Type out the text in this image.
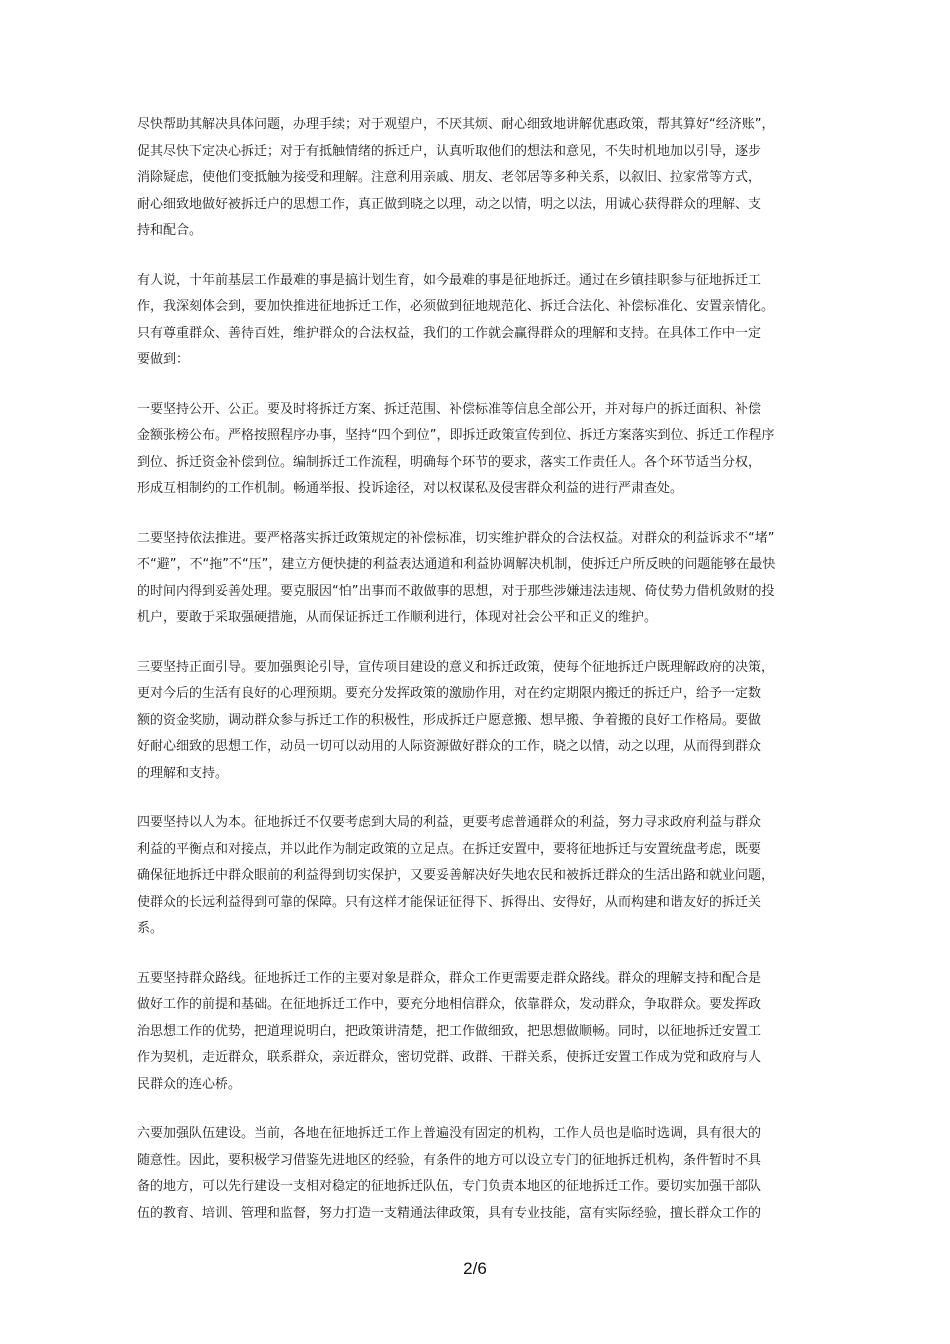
尽快帮助其解决具体问题，办理手续；对于观望户，不厌其烦、耐心细致地讲解优惠政策，帮其算好“经济账”，
促其尽快下定决心拆迁；对于有抵触情绪的拆迁户，认真听取他们的想法和意见，不失时机地加以引导，逐步
消除疑虑，使他们变抵触为接受和理解。注意利用亲戚、朋友、老邻居等多种关系，以叙旧、拉家常等方式，
耐心细致地做好被拆迁户的思想工作，真正做到晓之以理，动之以情，明之以法，用诚心获得群众的理解、支
持和配合。

有人说，十年前基层工作最难的事是搞计划生育，如今最难的事是征地拆迁。通过在乡镇挂职参与征地拆迁工
作，我深刻体会到，要加快推进征地拆迁工作，必须做到征地规范化、拆迁合法化、补偿标准化、安置亲情化。
只有尊重群众、善待百姓，维护群众的合法权益，我们的工作就会赢得群众的理解和支持。在具体工作中一定
要做到：

一要坚持公开、公正。要及时将拆迁方案、拆迁范围、补偿标准等信息全部公开，并对每户的拆迁面积、补偿
金额张榜公布。严格按照程序办事，坚持“四个到位”，即拆迁政策宣传到位、拆迁方案落实到位、拆迁工作程序
到位、拆迁资金补偿到位。编制拆迁工作流程，明确每个环节的要求，落实工作责任人。各个环节适当分权，
形成互相制约的工作机制。畅通举报、投诉途径，对以权谋私及侵害群众利益的进行严肃查处。

二要坚持依法推进。要严格落实拆迁政策规定的补偿标准，切实维护群众的合法权益。对群众的利益诉求不“堵”
不“避”，不“拖”不“压”，建立方便快捷的利益表达通道和利益协调解决机制，使拆迁户所反映的问题能够在最快
的时间内得到妥善处理。要克服因“怕”出事而不敢做事的思想，对于那些涉嫌违法违规、倚仗势力借机敛财的投
机户，要敢于采取强硬措施，从而保证拆迁工作顺利进行，体现对社会公平和正义的维护。

三要坚持正面引导。要加强舆论引导，宣传项目建设的意义和拆迁政策，使每个征地拆迁户既理解政府的决策，
更对今后的生活有良好的心理预期。要充分发挥政策的激励作用，对在约定期限内搬迁的拆迁户，给予一定数
额的资金奖励，调动群众参与拆迁工作的积极性，形成拆迁户愿意搬、想早搬、争着搬的良好工作格局。要做
好耐心细致的思想工作，动员一切可以动用的人际资源做好群众的工作，晓之以情，动之以理，从而得到群众
的理解和支持。

四要坚持以人为本。征地拆迁不仅要考虑到大局的利益，更要考虑普通群众的利益，努力寻求政府利益与群众
利益的平衡点和对接点，并以此作为制定政策的立足点。在拆迁安置中，要将征地拆迁与安置统盘考虑，既要
确保征地拆迁中群众眼前的利益得到切实保护，又要妥善解决好失地农民和被拆迁群众的生活出路和就业问题，
使群众的长远利益得到可靠的保障。只有这样才能保证征得下、拆得出、安得好，从而构建和谐友好的拆迁关
系。

五要坚持群众路线。征地拆迁工作的主要对象是群众，群众工作更需要走群众路线。群众的理解支持和配合是
做好工作的前提和基础。在征地拆迁工作中，要充分地相信群众，依靠群众，发动群众，争取群众。要发挥政
治思想工作的优势，把道理说明白，把政策讲清楚，把工作做细致，把思想做顺畅。同时，以征地拆迁安置工
作为契机，走近群众，联系群众，亲近群众，密切党群、政群、干群关系，使拆迁安置工作成为党和政府与人
民群众的连心桥。

六要加强队伍建设。当前，各地在征地拆迁工作上普遍没有固定的机构，工作人员也是临时选调，具有很大的
随意性。因此，要积极学习借鉴先进地区的经验，有条件的地方可以设立专门的征地拆迁机构，条件暂时不具
备的地方，可以先行建设一支相对稳定的征地拆迁队伍，专门负责本地区的征地拆迁工作。要切实加强干部队
伍的教育、培训、管理和监督，努力打造一支精通法律政策，具有专业技能，富有实际经验，擅长群众工作的

2/6
